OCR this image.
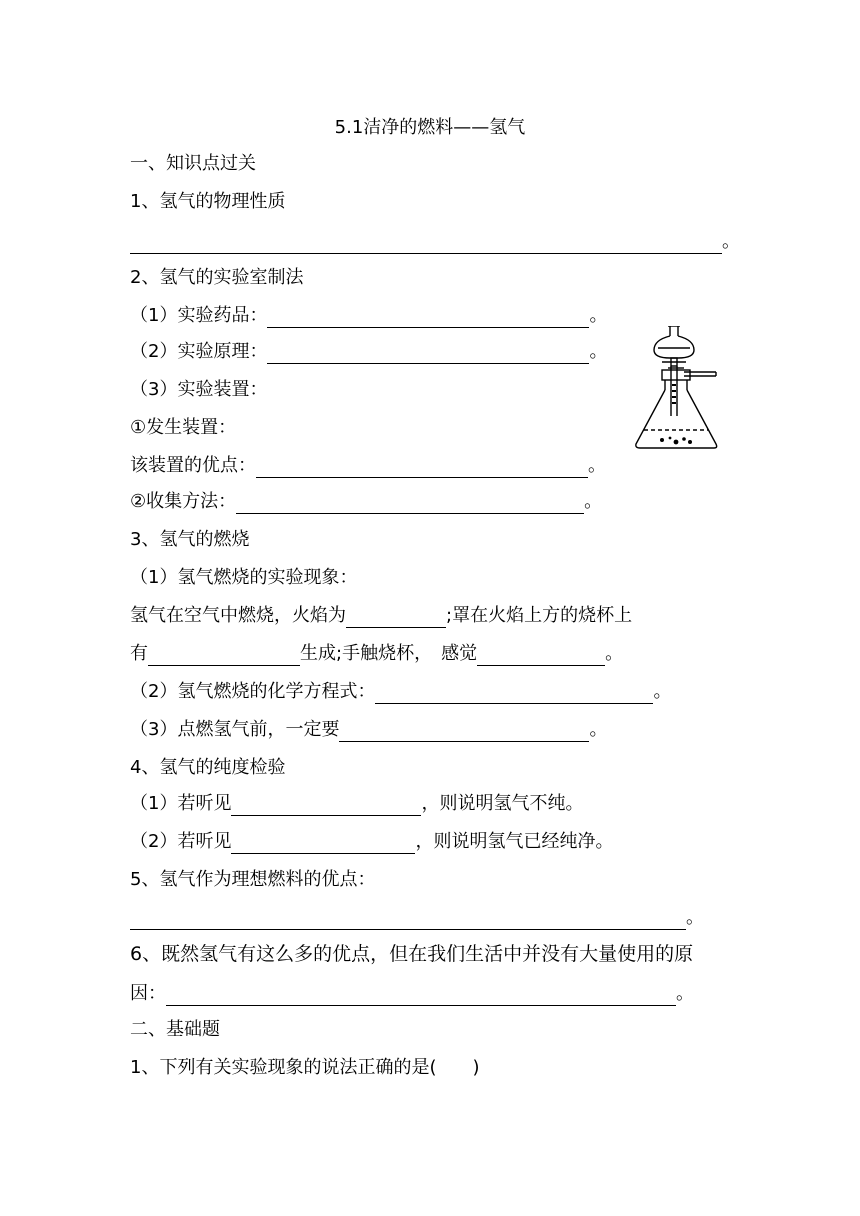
5.1洁净的燃料——氢气
一、知识点过关
1、氢气的物理性质
。
2、氢气的实验室制法
（1）实验药品：	。
（2）实验原理：	。
（3）实验装置：
①发生装置：
该装置的优点：	。
②收集方法：	。
3、氢气的燃烧
（1）氢气燃烧的实验现象：
氢气在空气中燃烧，火焰为	;罩在火焰上方的烧杯上
有	生成;手触烧杯，　感觉	。
（2）氢气燃烧的化学方程式：	。
（3）点燃氢气前，一定要	。
4、氢气的纯度检验
（1）若听见	，则说明氢气不纯。
（2）若听见	，则说明氢气已经纯净。
5、氢气作为理想燃料的优点：
。
6、既然氢气有这么多的优点，但在我们生活中并没有大量使用的原
因：	。
二、基础题
1、下列有关实验现象的说法正确的是(　　)
